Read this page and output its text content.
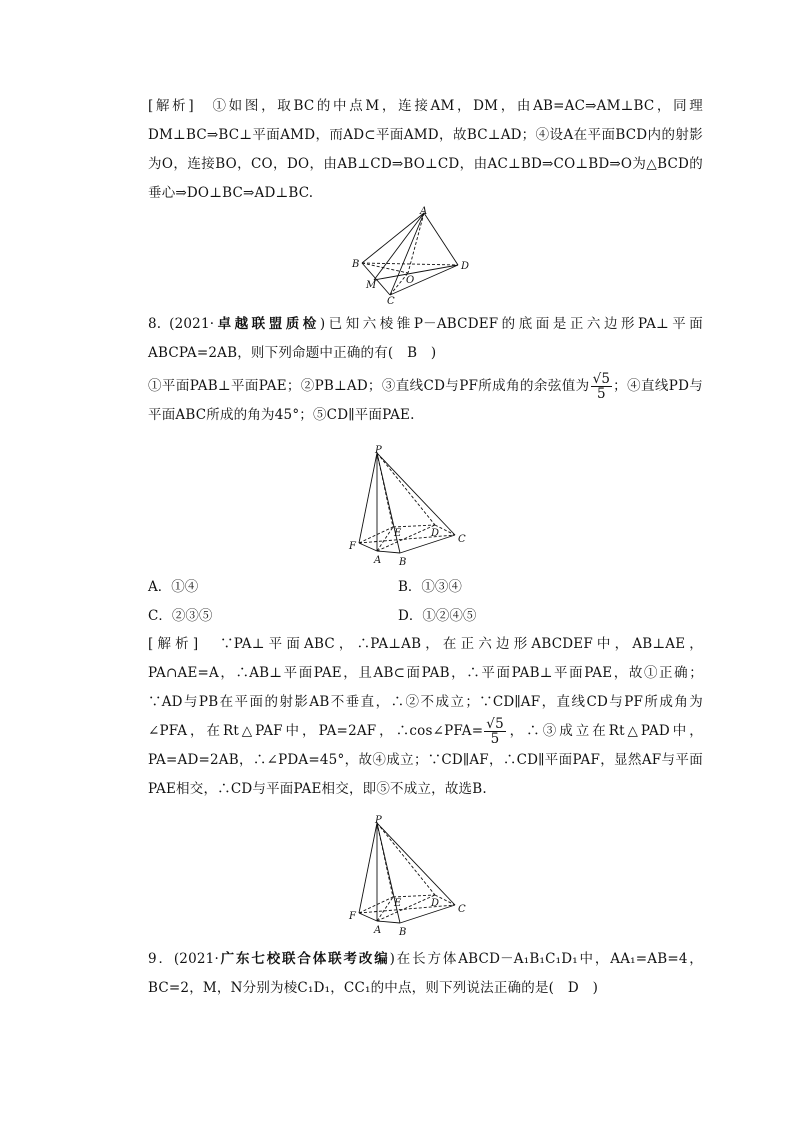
[解析]　①如图，取BC的中点M，连接AM，DM，由AB=AC⇒AM⊥BC，同理DM⊥BC⇒BC⊥平面AMD，而AD⊂平面AMD，故BC⊥AD；④设A在平面BCD内的射影为O，连接BO，CO，DO，由AB⊥CD⇒BO⊥CD，由AC⊥BD⇒CO⊥BD⇒O为△BCD的垂心⇒DO⊥BC⇒AD⊥BC.

A
B
C
D
M	O

8. (2021·卓越联盟质检)已知六棱锥P－ABCDEF的底面是正六边形PA⊥平面ABCPA=2AB，则下列命题中正确的有(　B　)

①平面PAB⊥平面PAE；②PB⊥AD；③直线CD与PF所成角的余弦值为 $\frac{√5}{5}$ ；④直线PD与平面ABC所成的角为45°；⑤CD∥平面PAE.

P
F
A B
C
D
E
A．①④	B．①③④
C．②③⑤	D．①②④⑤

[解析]　∵PA⊥平面ABC，∴PA⊥AB，在正六边形ABCDEF中，AB⊥AE，PA∩AE=A，∴AB⊥平面PAE，且AB⊂面PAB，∴平面PAB⊥平面PAE，故①正确；∵AD与PB在平面的射影AB不垂直，∴②不成立；∵CD∥AF，直线CD与PF所成角为∠PFA，在Rt△PAF中，PA=2AF，∴cos∠PFA= $\frac{√5}{5}$ ，∴③成立在Rt△PAD中，PA=AD=2AB，∴∠PDA=45°，故④成立；∵CD∥AF，∴CD∥平面PAF，显然AF与平面PAE相交，∴CD与平面PAE相交，即⑤不成立，故选B.

P
F
A B
C
D
E

9．(2021·广东七校联合体联考改编)在长方体ABCD－A₁B₁C₁D₁中，AA₁=AB=4，BC=2，M，N分别为棱C₁D₁，CC₁的中点，则下列说法正确的是(　D　)
